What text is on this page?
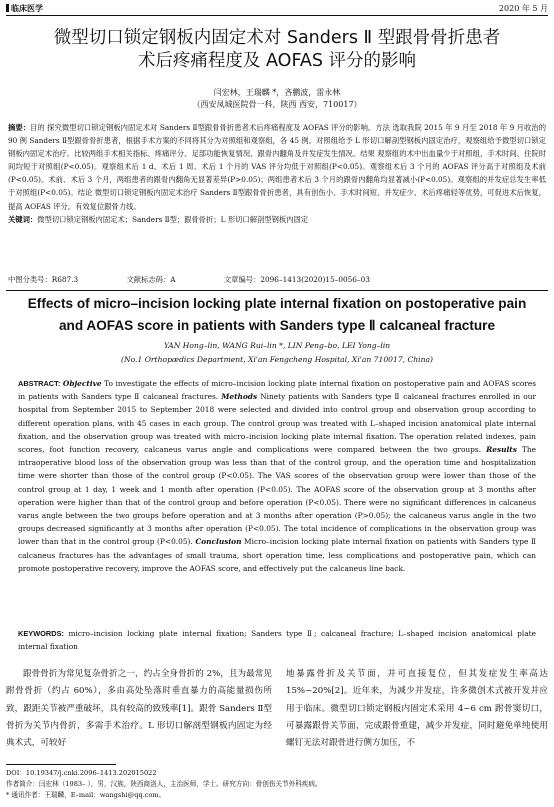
临床医学	2020 年 5 月
微型切口锁定钢板内固定术对 Sanders Ⅱ 型跟骨骨折患者
术后疼痛程度及 AOFAS 评分的影响
闫宏林，王瑞麟 *，吝鹏波，雷永林
（西安凤城医院骨一科，陕西 西安，710017）
摘要：目的 探究微型切口锁定钢板内固定术对 Sanders Ⅱ型跟骨骨折患者术后疼痛程度及 AOFAS 评分的影响。方法 选取我院 2015 年 9 月至 2018 年 9 月收治的 90 例 Sanders Ⅱ型跟骨骨折患者，根据手术方案的不同将其分为对照组和观察组，各 45 例。对照组给予 L 形切口解剖型钢板内固定治疗，观察组给予微型切口锁定钢板内固定术治疗。比较两组手术相关指标、疼痛评分、足部功能恢复情况、跟骨内翻角及并发症发生情况。结果 观察组的术中出血量少于对照组，手术时间、住院时间均短于对照组(P<0.05)。观察组术后 1 d、术后 1 周、术后 1 个月的 VAS 评分均低于对照组(P<0.05)。观察组术后 3 个月的 AOFAS 评分高于对照组及术前(P<0.05)。术前、术后 3 个月，两组患者的跟骨内翻角无显著差异(P>0.05)；两组患者术后 3 个月的跟骨内翻角均显著减小(P<0.05)。观察组的并发症总发生率低于对照组(P<0.05)。结论 微型切口锁定钢板内固定术治疗 Sanders Ⅱ型跟骨骨折患者，具有创伤小、手术时间短、并发症少、术后疼痛轻等优势，可促进术后恢复，提高 AOFAS 评分，有效复位跟骨力线。
关键词：微型切口锁定钢板内固定术；Sanders Ⅱ型；跟骨骨折；L 形切口解剖型钢板内固定
中图分类号：R687.3	文献标志码：A	文章编号：2096–1413(2020)15–0056–03
Effects of micro–incision locking plate internal fixation on postoperative pain
and AOFAS score in patients with Sanders type Ⅱ calcaneal fracture
YAN Hong–lin, WANG Rui–lin *, LIN Peng–bo, LEI Yong–lin
(No.1 Orthopædics Department, Xi'an Fengcheng Hospital, Xi'an 710017, China)
ABSTRACT: Objective To investigate the effects of micro–incision locking plate internal fixation on postoperative pain and AOFAS scores in patients with Sanders type Ⅱ calcaneal fractures. Methods Ninety patients with Sanders type Ⅱ calcaneal fractures enrolled in our hospital from September 2015 to September 2018 were selected and divided into control group and observation group according to different operation plans, with 45 cases in each group. The control group was treated with L–shaped incision anatomical plate internal fixation, and the observation group was treated with micro–incision locking plate internal fixation. The operation related indexes, pain scores, foot function recovery, calcaneus varus angle and complications were compared between the two groups. Results The intraoperative blood loss of the observation group was less than that of the control group, and the operation time and hospitalization time were shorter than those of the control group (P<0.05). The VAS scores of the observation group were lower than those of the control group at 1 day, 1 week and 1 month after operation (P<0.05). The AOFAS score of the observation group at 3 months after operation were higher than that of the control group and before operation (P<0.05). There were no significant differences in calcaneus varus angle between the two groups before operation and at 3 months after operation (P>0.05); the calcaneus varus angle in the two groups decreased significantly at 3 months after operation (P<0.05). The total incidence of complications in the observation group was lower than that in the control group (P<0.05). Conclusion Micro–incision locking plate internal fixation on patients with Sanders type Ⅱ calcaneus fractures has the advantages of small trauma, short operation time, less complications and postoperative pain, which can promote postoperative recovery, improve the AOFAS score, and effectively put the calcaneus line back.
KEYWORDS: micro–incision locking plate internal fixation; Sanders type Ⅱ; calcaneal fracture; L–shaped incision anatomical plate internal fixation
跟骨骨折为常见复杂骨折之一，约占全身骨折的 2%，且为最常见跗骨骨折（约占 60%），多由高处坠落时垂直暴力的高能量损伤所致，跟距关节被严重破坏，具有较高的致残率[1]。跟骨 Sanders Ⅱ型骨折为关节内骨折，多需手术治疗。L 形切口解剖型钢板内固定为经典术式，可较好
地暴露骨折及关节面，并可直接复位，但其发症发生率高达 15%~20%[2]。近年来，为减少并发症，许多微创术式被开发并应用于临床。微型切口锁定钢板内固定术采用 4~6 cm 跗骨窦切口，可暴露跟骨关节面，完成跟骨重建，减少并发症，同时避免单纯使用螺钉无法对跟骨进行侧方加压，不
DOI：10.19347/j.cnki.2096–1413.202015022
作者简介：闫宏林（1983– ），男，汉族，陕西商洛人，主治医师，学士。研究方向：骨创伤关节外科疾病。
* 通讯作者：王瑞麟，E–mail：wangshi@qq.com。
